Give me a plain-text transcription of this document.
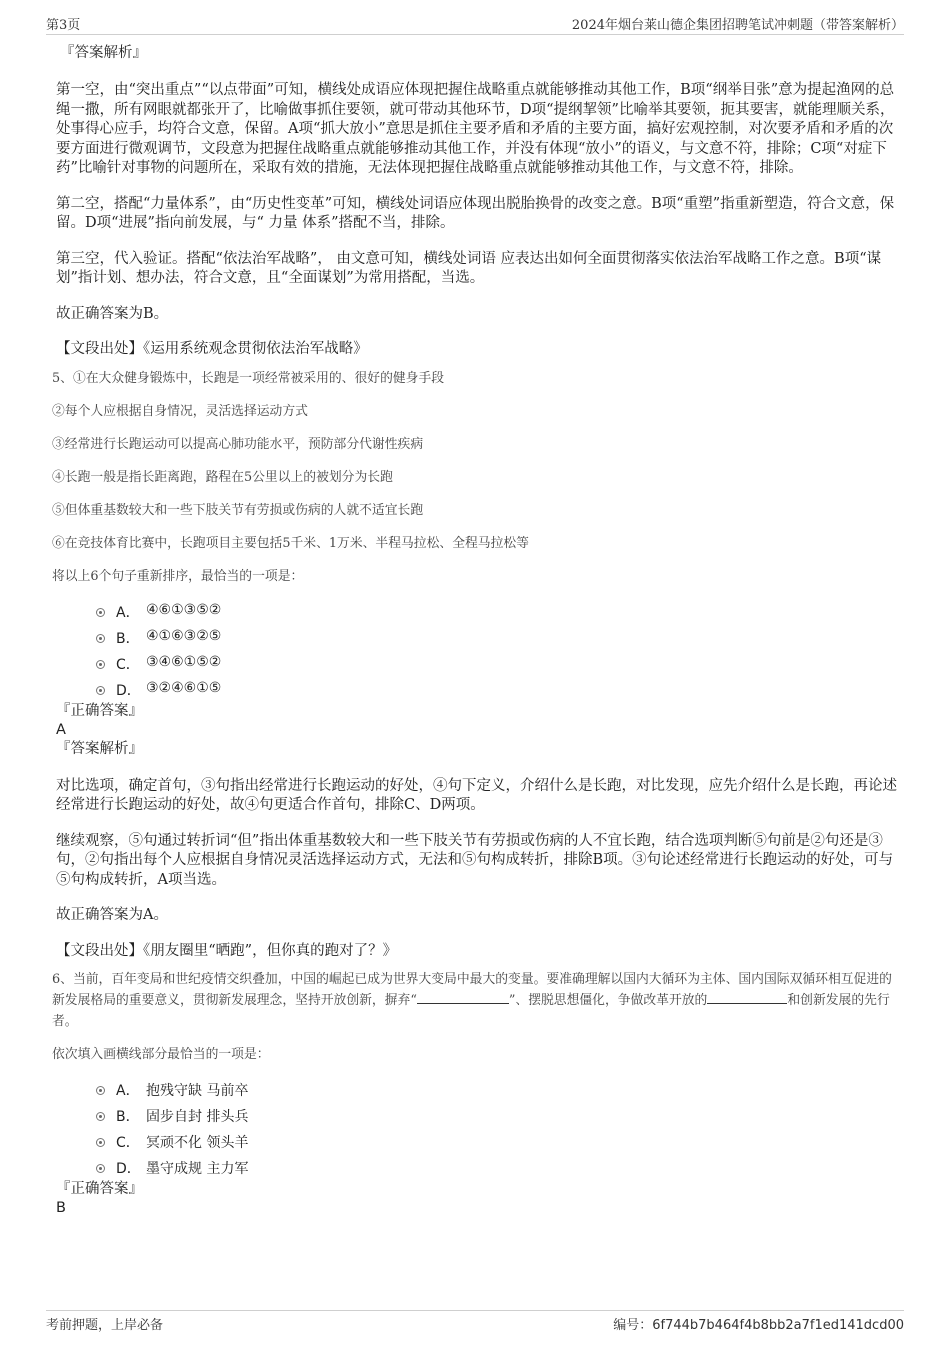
第3页	2024年烟台莱山德企集团招聘笔试冲刺题（带答案解析）

『答案解析』

第一空，由“突出重点”“以点带面”可知，横线处成语应体现把握住战略重点就能够推动其他工作，B项“纲举目张”意为提起渔网的总绳一撒，所有网眼就都张开了，比喻做事抓住要领，就可带动其他环节，D项“提纲挈领”比喻举其要领，扼其要害，就能理顺关系，处事得心应手，均符合文意，保留。A项“抓大放小”意思是抓住主要矛盾和矛盾的主要方面，搞好宏观控制，对次要矛盾和矛盾的次要方面进行微观调节，文段意为把握住战略重点就能够推动其他工作，并没有体现“放小”的语义，与文意不符，排除；C项“对症下药”比喻针对事物的问题所在，采取有效的措施，无法体现把握住战略重点就能够推动其他工作，与文意不符，排除。

第二空，搭配“力量体系”，由“历史性变革”可知，横线处词语应体现出脱胎换骨的改变之意。B项“重塑”指重新塑造，符合文意，保留。D项“进展”指向前发展，与“ 力量 体系”搭配不当，排除。

第三空，代入验证。搭配“依法治军战略”， 由文意可知，横线处词语 应表达出如何全面贯彻落实依法治军战略工作之意。B项“谋划”指计划、想办法，符合文意，且“全面谋划”为常用搭配，当选。

故正确答案为B。

【文段出处】《运用系统观念贯彻依法治军战略》

5、①在大众健身锻炼中，长跑是一项经常被采用的、很好的健身手段

②每个人应根据自身情况，灵活选择运动方式

③经常进行长跑运动可以提高心肺功能水平，预防部分代谢性疾病

④长跑一般是指长距离跑，路程在5公里以上的被划分为长跑

⑤但体重基数较大和一些下肢关节有劳损或伤病的人就不适宜长跑

⑥在竞技体育比赛中，长跑项目主要包括5千米、1万米、半程马拉松、全程马拉松等

将以上6个句子重新排序，最恰当的一项是：

A． ④⑥①③⑤②
B． ④①⑥③②⑤
C． ③④⑥①⑤②
D． ③②④⑥①⑤

『正确答案』

A

『答案解析』

对比选项，确定首句，③句指出经常进行长跑运动的好处，④句下定义，介绍什么是长跑，对比发现，应先介绍什么是长跑，再论述经常进行长跑运动的好处，故④句更适合作首句，排除C、D两项。

继续观察，⑤句通过转折词“但”指出体重基数较大和一些下肢关节有劳损或伤病的人不宜长跑，结合选项判断⑤句前是②句还是③句，②句指出每个人应根据自身情况灵活选择运动方式，无法和⑤句构成转折，排除B项。③句论述经常进行长跑运动的好处，可与⑤句构成转折，A项当选。

故正确答案为A。

【文段出处】《朋友圈里“晒跑”，但你真的跑对了？》

6、当前，百年变局和世纪疫情交织叠加，中国的崛起已成为世界大变局中最大的变量。要准确理解以国内大循环为主体、国内国际双循环相互促进的新发展格局的重要意义，贯彻新发展理念，坚持开放创新，摒弃“	”、摆脱思想僵化，争做改革开放的	和创新发展的先行者。

依次填入画横线部分最恰当的一项是：

A． 抱残守缺 马前卒
B． 固步自封 排头兵
C． 冥顽不化 领头羊
D． 墨守成规 主力军

『正确答案』

B

考前押题，上岸必备	编号：6f744b7b464f4b8bb2a7f1ed141dcd00
